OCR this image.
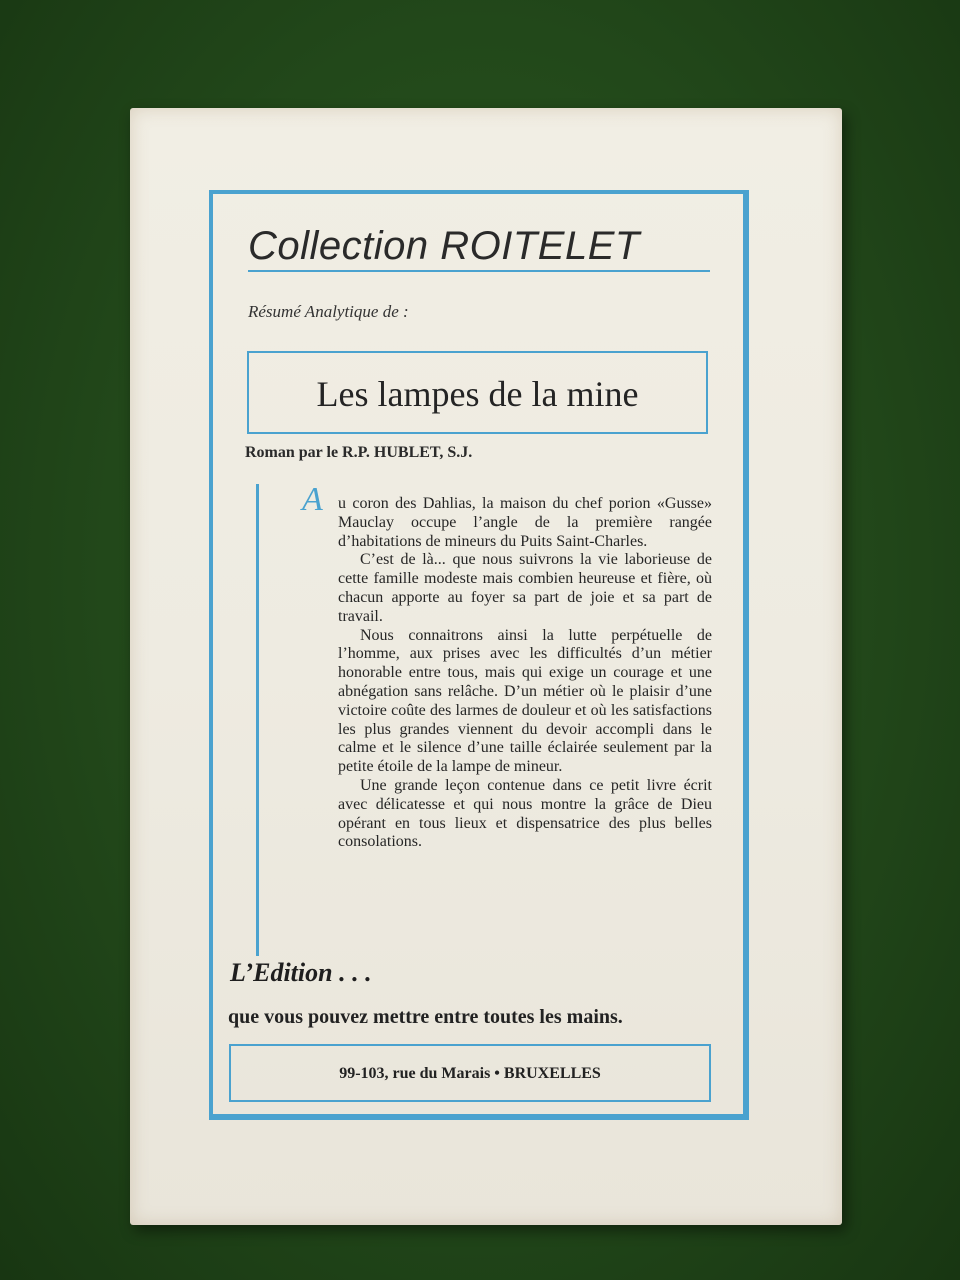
Collection ROITELET
Résumé Analytique de :
Les lampes de la mine
Roman par le R.P. HUBLET, S.J.
A u coron des Dahlias, la maison du chef porion «Gusse» Mauclay occupe l’angle de la première rangée d’habitations de mineurs du Puits Saint-Charles.

C’est de là... que nous suivrons la vie laborieuse de cette famille modeste mais combien heureuse et fière, où chacun apporte au foyer sa part de joie et sa part de travail.

Nous connaitrons ainsi la lutte perpétuelle de l’homme, aux prises avec les difficultés d’un métier honorable entre tous, mais qui exige un courage et une abnégation sans relâche. D’un métier où le plaisir d’une victoire coûte des larmes de douleur et où les satisfactions les plus grandes viennent du devoir accompli dans le calme et le silence d’une taille éclairée seulement par la petite étoile de la lampe de mineur.

Une grande leçon contenue dans ce petit livre écrit avec délicatesse et qui nous montre la grâce de Dieu opérant en tous lieux et dispensatrice des plus belles consolations.

L’Edition . . .
que vous pouvez mettre entre toutes les mains.
99-103, rue du Marais • BRUXELLES
